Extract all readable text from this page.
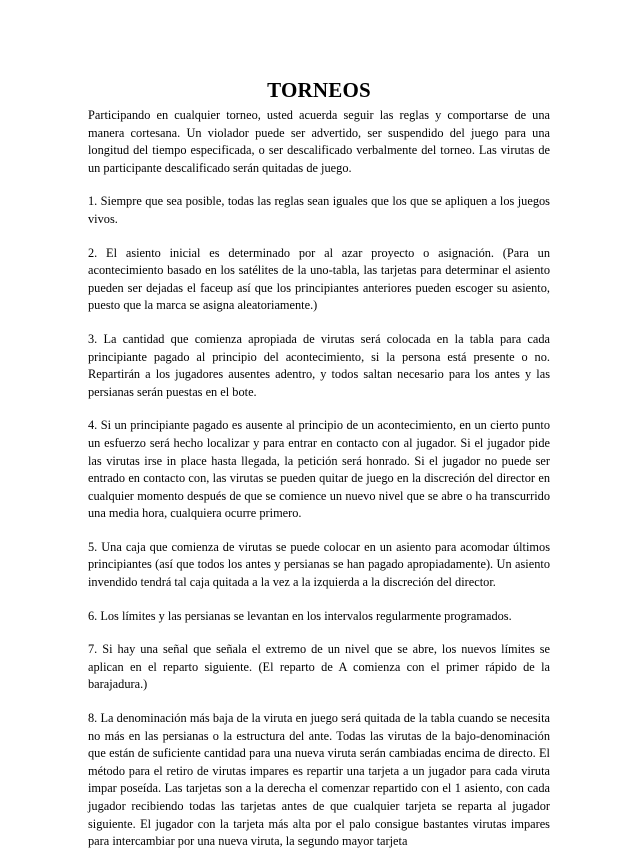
TORNEOS

Participando en cualquier torneo, usted acuerda seguir las reglas y comportarse de una manera cortesana. Un violador puede ser advertido, ser suspendido del juego para una longitud del tiempo especificada, o ser descalificado verbalmente del torneo. Las virutas de un participante descalificado serán quitadas de juego.

1. Siempre que sea posible, todas las reglas sean iguales que los que se apliquen a los juegos vivos.

2. El asiento inicial es determinado por al azar proyecto o asignación. (Para un acontecimiento basado en los satélites de la uno-tabla, las tarjetas para determinar el asiento pueden ser dejadas el faceup así que los principiantes anteriores pueden escoger su asiento, puesto que la marca se asigna aleatoriamente.)

3. La cantidad que comienza apropiada de virutas será colocada en la tabla para cada principiante pagado al principio del acontecimiento, si la persona está presente o no. Repartirán a los jugadores ausentes adentro, y todos saltan necesario para los antes y las persianas serán puestas en el bote.

4. Si un principiante pagado es ausente al principio de un acontecimiento, en un cierto punto un esfuerzo será hecho localizar y para entrar en contacto con al jugador. Si el jugador pide las virutas irse in place hasta llegada, la petición será honrado. Si el jugador no puede ser entrado en contacto con, las virutas se pueden quitar de juego en la discreción del director en cualquier momento después de que se comience un nuevo nivel que se abre o ha transcurrido una media hora, cualquiera ocurre primero.

5. Una caja que comienza de virutas se puede colocar en un asiento para acomodar últimos principiantes (así que todos los antes y persianas se han pagado apropiadamente). Un asiento invendido tendrá tal caja quitada a la vez a la izquierda a la discreción del director.

6. Los límites y las persianas se levantan en los intervalos regularmente programados.

7. Si hay una señal que señala el extremo de un nivel que se abre, los nuevos límites se aplican en el reparto siguiente. (El reparto de A comienza con el primer rápido de la barajadura.)

8. La denominación más baja de la viruta en juego será quitada de la tabla cuando se necesita no más en las persianas o la estructura del ante. Todas las virutas de la bajo-denominación que están de suficiente cantidad para una nueva viruta serán cambiadas encima de directo. El método para el retiro de virutas impares es repartir una tarjeta a un jugador para cada viruta impar poseída. Las tarjetas son a la derecha el comenzar repartido con el 1 asiento, con cada jugador recibiendo todas las tarjetas antes de que cualquier tarjeta se reparta al jugador siguiente. El jugador con la tarjeta más alta por el palo consigue bastantes virutas impares para intercambiar por una nueva viruta, la segundo mayor tarjeta
